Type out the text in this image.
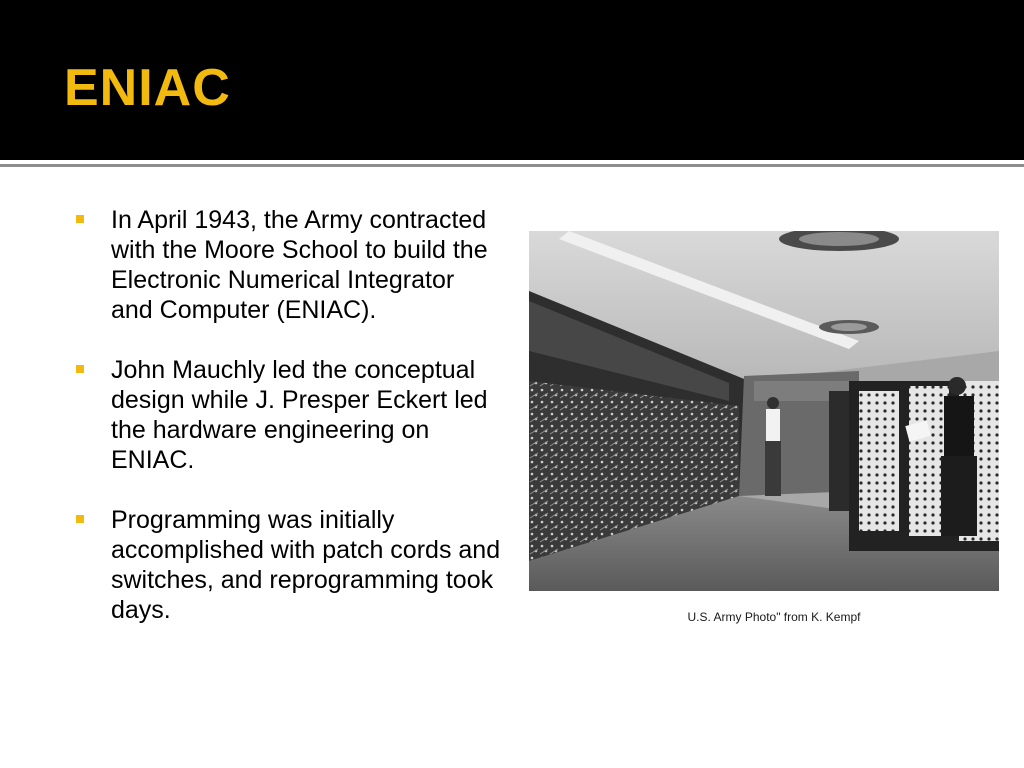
ENIAC
In April 1943, the Army contracted with the Moore School to build the Electronic Numerical Integrator and Computer (ENIAC).
John Mauchly led the conceptual design while J. Presper Eckert led the hardware engineering on ENIAC.
Programming was initially accomplished with patch cords and switches, and reprogramming took days.	U.S. Army Photo" from K. Kempf
